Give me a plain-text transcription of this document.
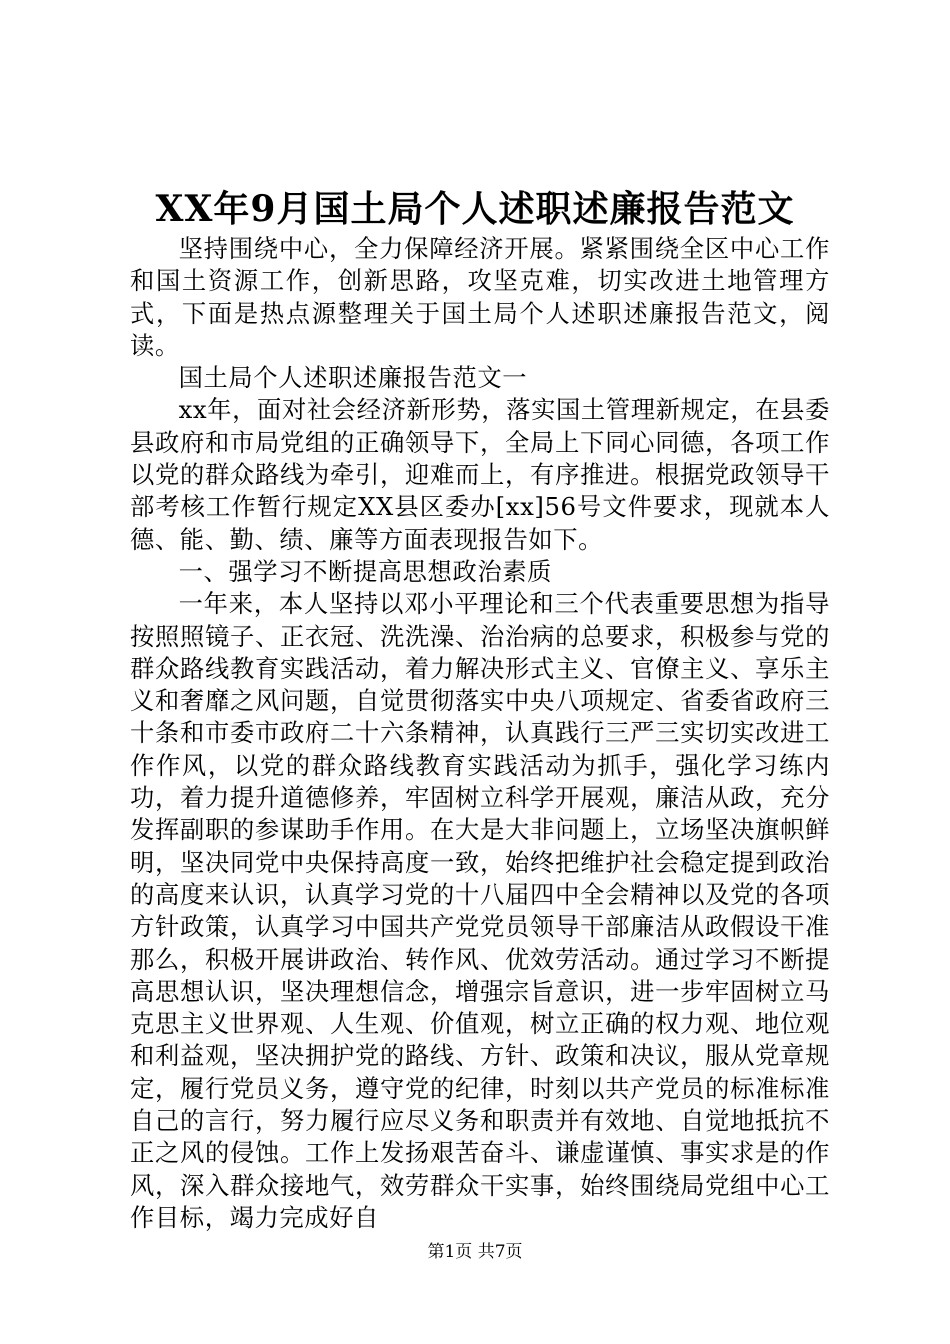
XX年9月国土局个人述职述廉报告范文

坚持围绕中心，全力保障经济开展。紧紧围绕全区中心工作和国土资源工作，创新思路，攻坚克难，切实改进土地管理方式，下面是热点源整理关于国土局个人述职述廉报告范文，阅读。

国土局个人述职述廉报告范文一

xx年，面对社会经济新形势，落实国土管理新规定，在县委县政府和市局党组的正确领导下，全局上下同心同德，各项工作以党的群众路线为牵引，迎难而上，有序推进。根据党政领导干部考核工作暂行规定XX县区委办[xx]56号文件要求，现就本人德、能、勤、绩、廉等方面表现报告如下。

一、强学习不断提高思想政治素质

一年来，本人坚持以邓小平理论和三个代表重要思想为指导按照照镜子、正衣冠、洗洗澡、治治病的总要求，积极参与党的群众路线教育实践活动，着力解决形式主义、官僚主义、享乐主义和奢靡之风问题，自觉贯彻落实中央八项规定、省委省政府三十条和市委市政府二十六条精神，认真践行三严三实切实改进工作作风，以党的群众路线教育实践活动为抓手，强化学习练内功，着力提升道德修养，牢固树立科学开展观，廉洁从政，充分发挥副职的参谋助手作用。在大是大非问题上，立场坚决旗帜鲜明，坚决同党中央保持高度一致，始终把维护社会稳定提到政治的高度来认识，认真学习党的十八届四中全会精神以及党的各项方针政策，认真学习中国共产党党员领导干部廉洁从政假设干准那么，积极开展讲政治、转作风、优效劳活动。通过学习不断提高思想认识，坚决理想信念，增强宗旨意识，进一步牢固树立马克思主义世界观、人生观、价值观，树立正确的权力观、地位观和利益观，坚决拥护党的路线、方针、政策和决议，服从党章规定，履行党员义务，遵守党的纪律，时刻以共产党员的标准标准自己的言行，努力履行应尽义务和职责并有效地、自觉地抵抗不正之风的侵蚀。工作上发扬艰苦奋斗、谦虚谨慎、事实求是的作风，深入群众接地气，效劳群众干实事，始终围绕局党组中心工作目标，竭力完成好自

第1页 共7页
